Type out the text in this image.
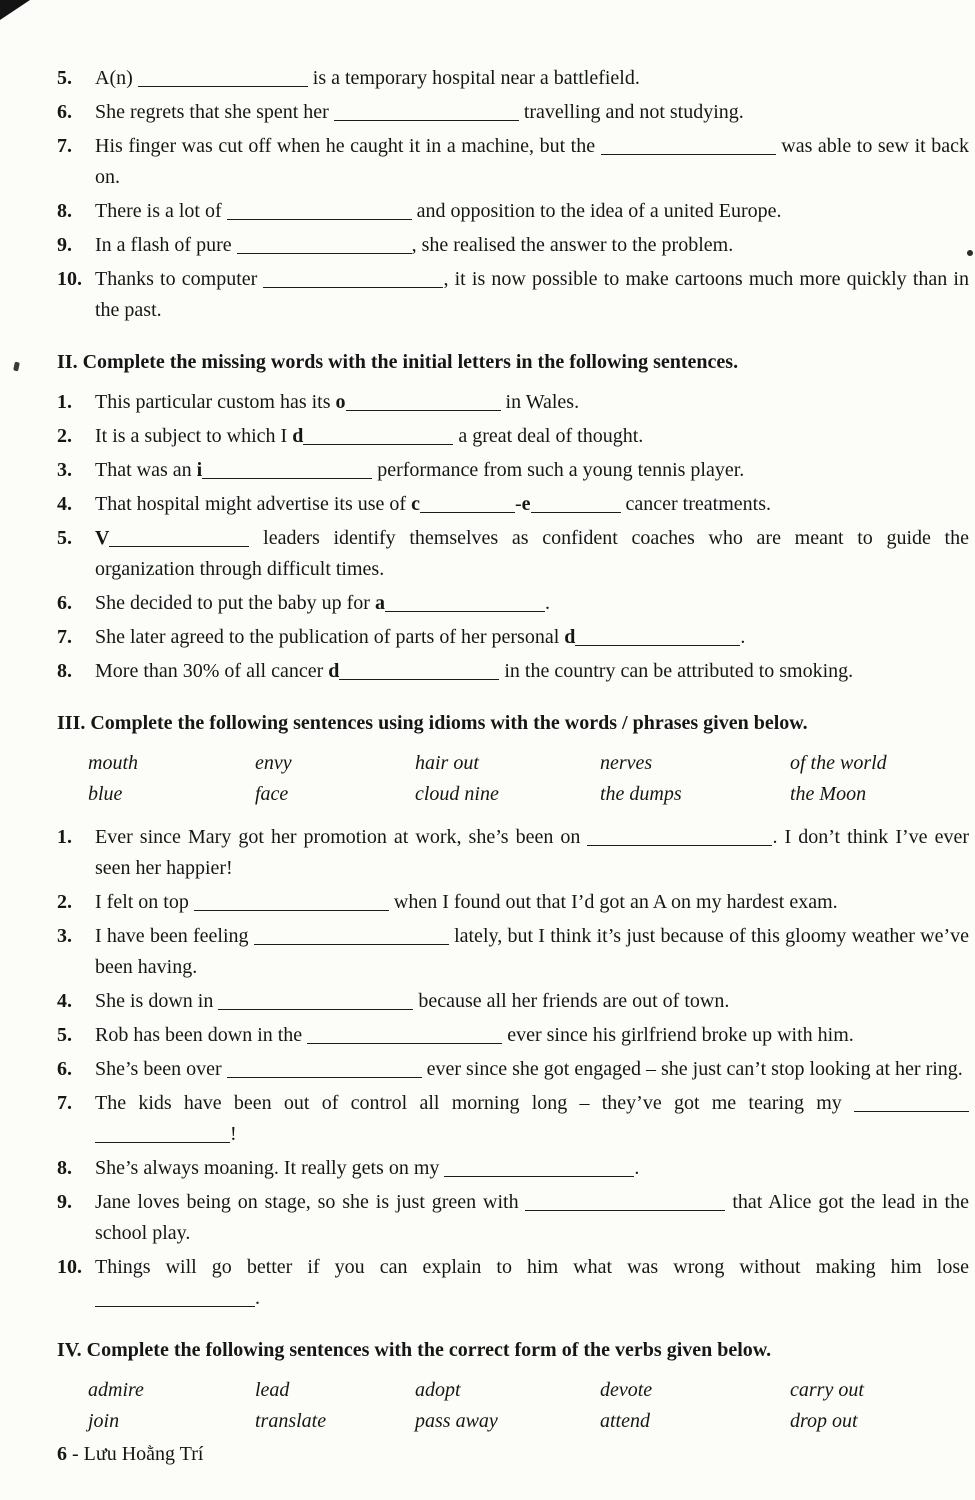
5. A(n)	is a temporary hospital near a battlefield.
6. She regrets that she spent her	travelling and not studying.
7. His finger was cut off when he caught it in a machine, but the	was able to sew it back on.
8. There is a lot of	and opposition to the idea of a united Europe.
9. In a flash of pure	, she realised the answer to the problem.
10. Thanks to computer	, it is now possible to make cartoons much more quickly than in the past.
II. Complete the missing words with the initial letters in the following sentences.
1. This particular custom has its o	in Wales.
2. It is a subject to which I d	a great deal of thought.
3. That was an i	performance from such a young tennis player.
4. That hospital might advertise its use of c	-e	cancer treatments.
5. V	leaders identify themselves as confident coaches who are meant to guide the organization through difficult times.
6. She decided to put the baby up for a	.
7. She later agreed to the publication of parts of her personal d	.
8. More than 30% of all cancer d	in the country can be attributed to smoking.
III. Complete the following sentences using idioms with the words / phrases given below.
mouth	envy	hair out	nerves	of the world
blue	face	cloud nine	the dumps	the Moon
1. Ever since Mary got her promotion at work, she’s been on	. I don’t think I’ve ever seen her happier!
2. I felt on top	when I found out that I’d got an A on my hardest exam.
3. I have been feeling	lately, but I think it’s just because of this gloomy weather we’ve been having.
4. She is down in	because all her friends are out of town.
5. Rob has been down in the	ever since his girlfriend broke up with him.
6. She’s been over	ever since she got engaged – she just can’t stop looking at her ring.
7. The kids have been out of control all morning long – they’ve got me tearing my  !
8. She’s always moaning. It really gets on my	.
9. Jane loves being on stage, so she is just green with	that Alice got the lead in the school play.
10. Things will go better if you can explain to him what was wrong without making him lose .
IV. Complete the following sentences with the correct form of the verbs given below.
admire	lead	adopt	devote	carry out
join	translate	pass away	attend	drop out
6 - Lưu Hoằng Trí
